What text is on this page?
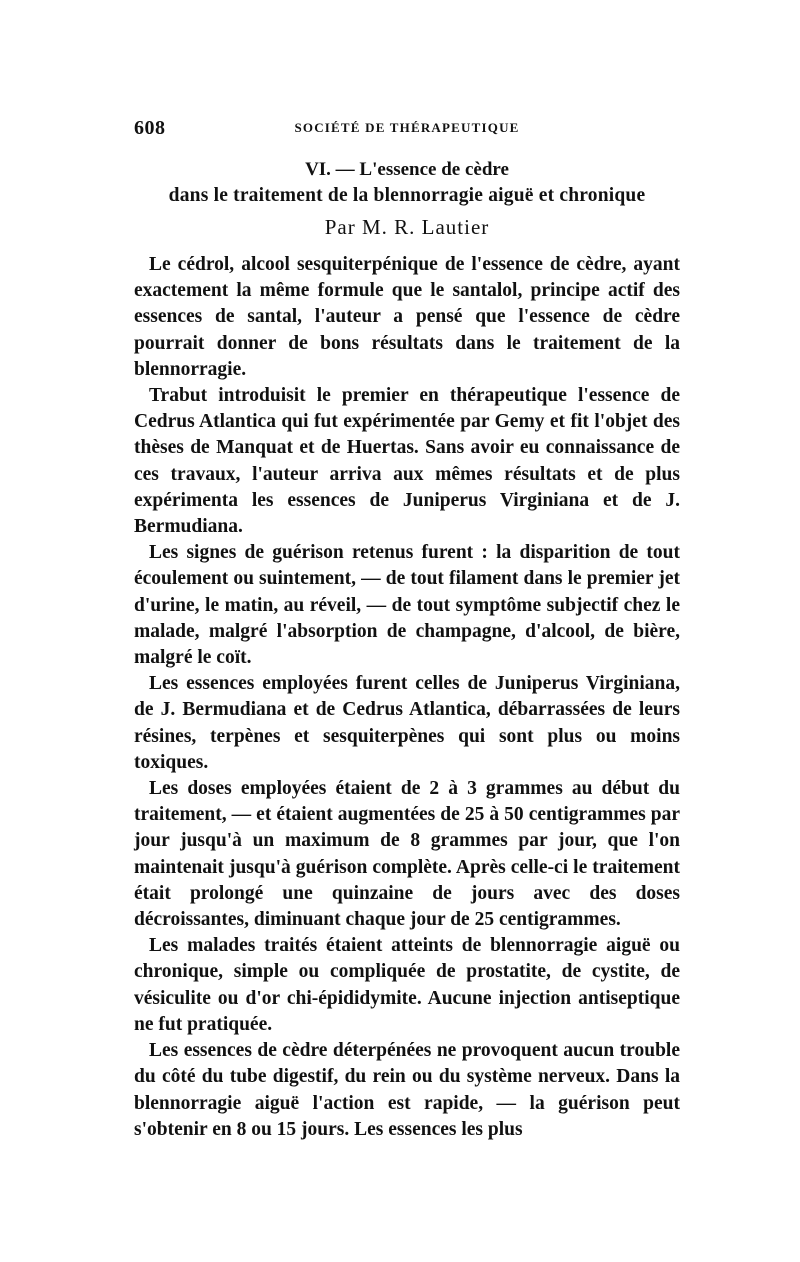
608	SOCIÉTÉ DE THÉRAPEUTIQUE
VI. — L'essence de cèdre
dans le traitement de la blennorragie aiguë et chronique
Par M. R. Lautier

Le cédrol, alcool sesquiterpénique de l'essence de cèdre, ayant exactement la même formule que le santalol, principe actif des essences de santal, l'auteur a pensé que l'essence de cèdre pourrait donner de bons résultats dans le traitement de la blennorragie.

Trabut introduisit le premier en thérapeutique l'essence de Cedrus Atlantica qui fut expérimentée par Gemy et fit l'objet des thèses de Manquat et de Huertas. Sans avoir eu connaissance de ces travaux, l'auteur arriva aux mêmes résultats et de plus expérimenta les essences de Juniperus Virginiana et de J. Bermudiana.

Les signes de guérison retenus furent : la disparition de tout écoulement ou suintement, — de tout filament dans le premier jet d'urine, le matin, au réveil, — de tout symptôme subjectif chez le malade, malgré l'absorption de champagne, d'alcool, de bière, malgré le coït.

Les essences employées furent celles de Juniperus Virginiana, de J. Bermudiana et de Cedrus Atlantica, débarrassées de leurs résines, terpènes et sesquiterpènes qui sont plus ou moins toxiques.

Les doses employées étaient de 2 à 3 grammes au début du traitement, — et étaient augmentées de 25 à 50 centigrammes par jour jusqu'à un maximum de 8 grammes par jour, que l'on maintenait jusqu'à guérison complète. Après celle-ci le traitement était prolongé une quinzaine de jours avec des doses décroissantes, diminuant chaque jour de 25 centigrammes.

Les malades traités étaient atteints de blennorragie aiguë ou chronique, simple ou compliquée de prostatite, de cystite, de vésiculite ou d'or chi-épididymite. Aucune injection antiseptique ne fut pratiquée.

Les essences de cèdre déterpénées ne provoquent aucun trouble du côté du tube digestif, du rein ou du système nerveux. Dans la blennorragie aiguë l'action est rapide, — la guérison peut s'obtenir en 8 ou 15 jours. Les essences les plus
